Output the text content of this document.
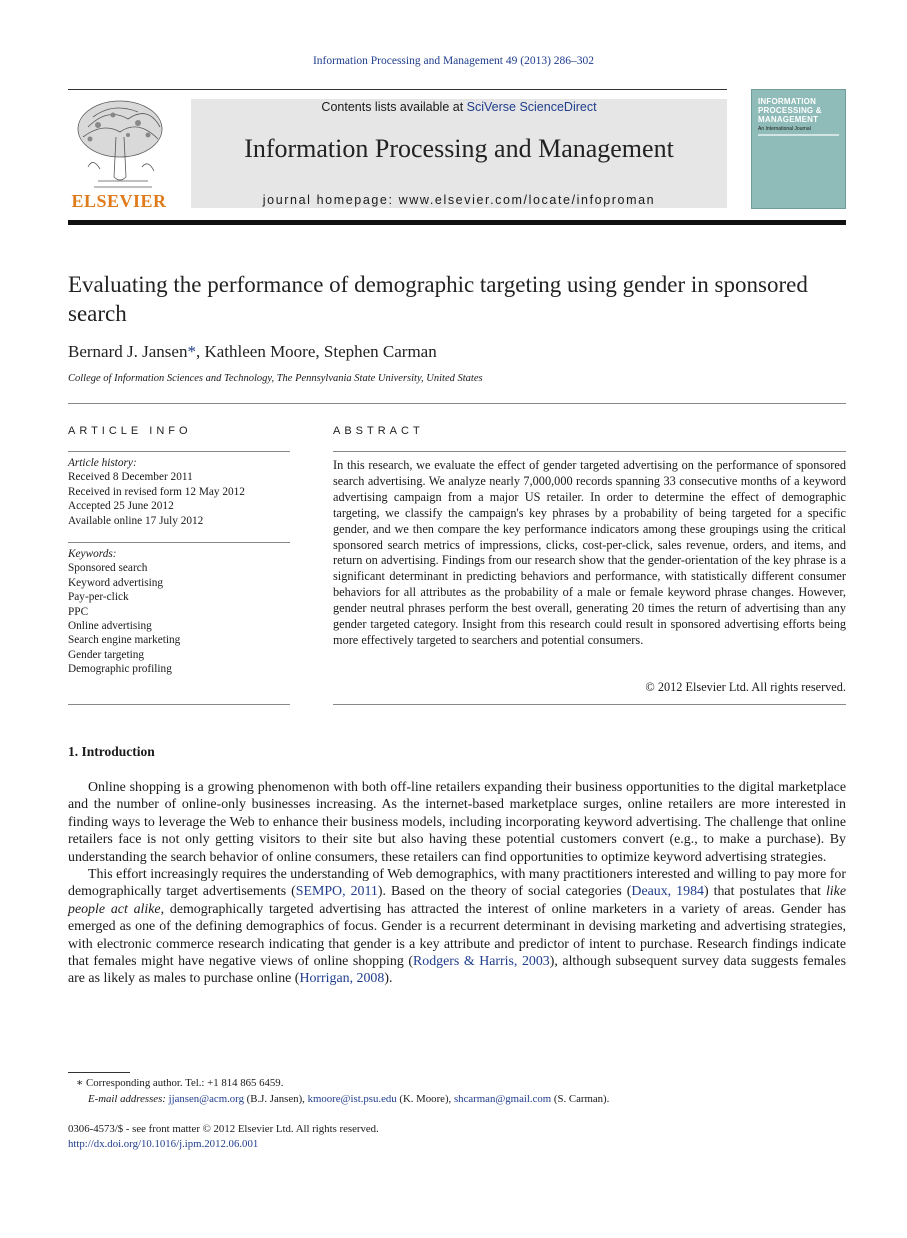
Information Processing and Management 49 (2013) 286–302
ELSEVIER
Contents lists available at SciVerse ScienceDirect
Information Processing and Management
journal homepage: www.elsevier.com/locate/infoproman
INFORMATION PROCESSING & MANAGEMENT
An International Journal
Evaluating the performance of demographic targeting using gender in sponsored search
Bernard J. Jansen*, Kathleen Moore, Stephen Carman
College of Information Sciences and Technology, The Pennsylvania State University, United States
ARTICLE INFO	ABSTRACT
Article history:
Received 8 December 2011
Received in revised form 12 May 2012
Accepted 25 June 2012
Available online 17 July 2012
Keywords:
Sponsored search
Keyword advertising
Pay-per-click
PPC
Online advertising
Search engine marketing
Gender targeting
Demographic profiling
In this research, we evaluate the effect of gender targeted advertising on the performance of sponsored search advertising. We analyze nearly 7,000,000 records spanning 33 consecutive months of a keyword advertising campaign from a major US retailer. In order to determine the effect of demographic targeting, we classify the campaign's key phrases by a probability of being targeted for a specific gender, and we then compare the key performance indicators among these groupings using the critical sponsored search metrics of impressions, clicks, cost-per-click, sales revenue, orders, and items, and return on advertising. Findings from our research show that the gender-orientation of the key phrase is a significant determinant in predicting behaviors and performance, with statistically different consumer behaviors for all attributes as the probability of a male or female keyword phrase changes. However, gender neutral phrases perform the best overall, generating 20 times the return of advertising than any gender targeted category. Insight from this research could result in sponsored advertising efforts being more effectively targeted to searchers and potential consumers.
© 2012 Elsevier Ltd. All rights reserved.
1. Introduction

Online shopping is a growing phenomenon with both off-line retailers expanding their business opportunities to the digital marketplace and the number of online-only businesses increasing. As the internet-based marketplace surges, online retailers are more interested in finding ways to leverage the Web to enhance their business models, including incorporating keyword advertising. The challenge that online retailers face is not only getting visitors to their site but also having these potential customers convert (e.g., to make a purchase). By understanding the search behavior of online consumers, these retailers can find opportunities to optimize keyword advertising strategies.

This effort increasingly requires the understanding of Web demographics, with many practitioners interested and willing to pay more for demographically target advertisements (SEMPO, 2011). Based on the theory of social categories (Deaux, 1984) that postulates that like people act alike, demographically targeted advertising has attracted the interest of online marketers in a variety of areas. Gender has emerged as one of the defining demographics of focus. Gender is a recurrent determinant in devising marketing and advertising strategies, with electronic commerce research indicating that gender is a key attribute and predictor of intent to purchase. Research findings indicate that females might have negative views of online shopping (Rodgers & Harris, 2003), although subsequent survey data suggests females are as likely as males to purchase online (Horrigan, 2008).

∗ Corresponding author. Tel.: +1 814 865 6459.
E-mail addresses: jjansen@acm.org (B.J. Jansen), kmoore@ist.psu.edu (K. Moore), shcarman@gmail.com (S. Carman).
0306-4573/$ - see front matter © 2012 Elsevier Ltd. All rights reserved.
http://dx.doi.org/10.1016/j.ipm.2012.06.001
